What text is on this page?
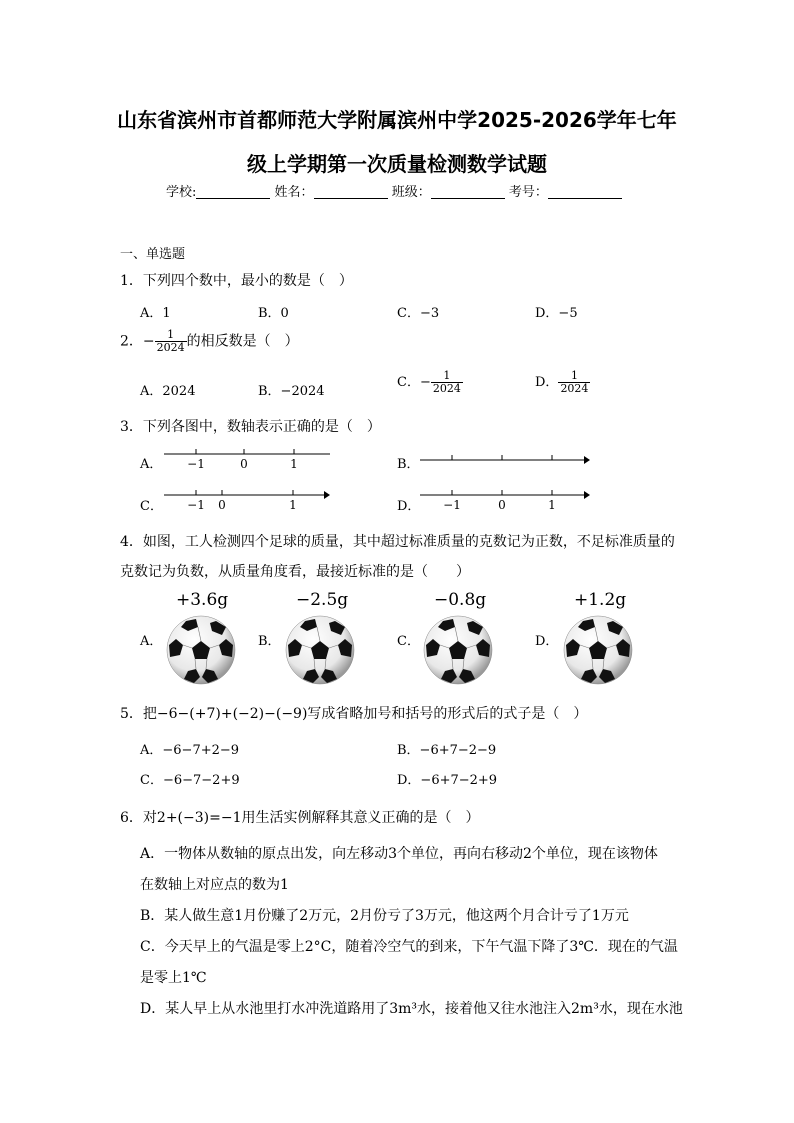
山东省滨州市首都师范大学附属滨州中学2025-2026学年七年
级上学期第一次质量检测数学试题
学校:	姓名：	班级：	考号：
一、单选题
1．下列四个数中，最小的数是（　）
A．1	B．0	C．−3	D．−5
2．− $\frac{1}{2024}$ 的相反数是（　）
A．2024	B．−2024
C．− $\frac{1}{2024}$	D． $\frac{1}{2024}$
3．下列各图中，数轴表示正确的是（　）
A．	B．
C．	D．
−1	0	1
−1 0	1	−1	0	1
4．如图，工人检测四个足球的质量，其中超过标准质量的克数记为正数，不足标准质量的
克数记为负数，从质量角度看，最接近标准的是（　　）
+3.6g	−2.5g	−0.8g	+1.2g
A．	B．	C．	D．
5．把−6−(+7)+(−2)−(−9)写成省略加号和括号的形式后的式子是（　）
A．−6−7+2−9	B．−6+7−2−9
C．−6−7−2+9	D．−6+7−2+9
6．对2+(−3)=−1用生活实例解释其意义正确的是（　）
A．一物体从数轴的原点出发，向左移动3个单位，再向右移动2个单位，现在该物体
在数轴上对应点的数为1
B．某人做生意1月份赚了2万元，2月份亏了3万元，他这两个月合计亏了1万元
C．今天早上的气温是零上2°C，随着冷空气的到来，下午气温下降了3℃．现在的气温
是零上1℃
D．某人早上从水池里打水冲洗道路用了3m³水，接着他又往水池注入2m³水，现在水池
